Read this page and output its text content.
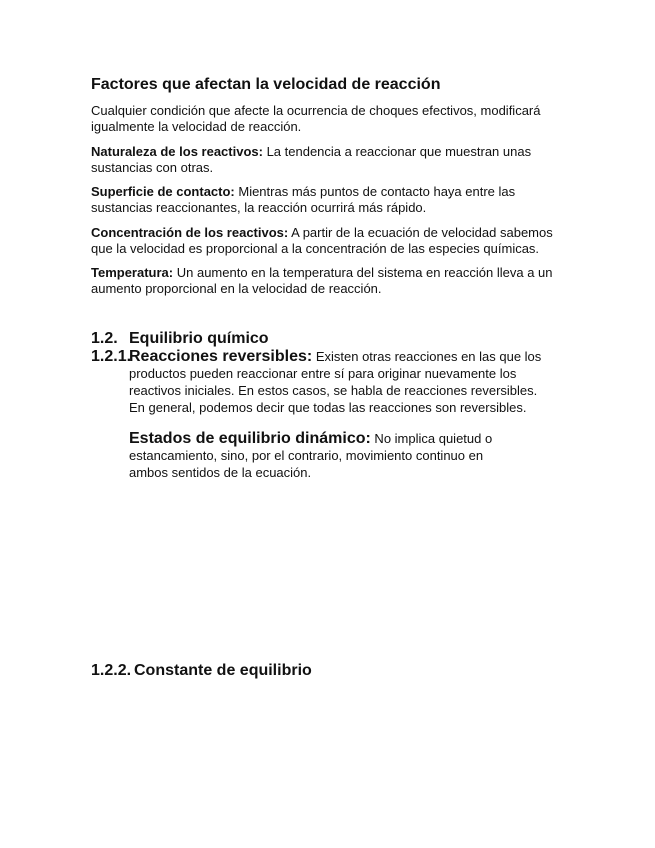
Factores que afectan la velocidad de reacción
Cualquier condición que afecte la ocurrencia de choques efectivos, modificará igualmente la velocidad de reacción.
Naturaleza de los reactivos: La tendencia a reaccionar que muestran unas sustancias con otras.
Superficie de contacto: Mientras más puntos de contacto haya entre las sustancias reaccionantes, la reacción ocurrirá más rápido.
Concentración de los reactivos: A partir de la ecuación de velocidad sabemos que la velocidad es proporcional a la concentración de las especies químicas.
Temperatura: Un aumento en la temperatura del sistema en reacción lleva a un aumento proporcional en la velocidad de reacción.
1.2. Equilibrio químico
1.2.1.
Reacciones reversibles: Existen otras reacciones en las que los productos pueden reaccionar entre sí para originar nuevamente los reactivos iniciales. En estos casos, se habla de reacciones reversibles. En general, podemos decir que todas las reacciones son reversibles.
Estados de equilibrio dinámico: No implica quietud o estancamiento, sino, por el contrario, movimiento continuo en ambos sentidos de la ecuación.
1.2.2. Constante de equilibrio
